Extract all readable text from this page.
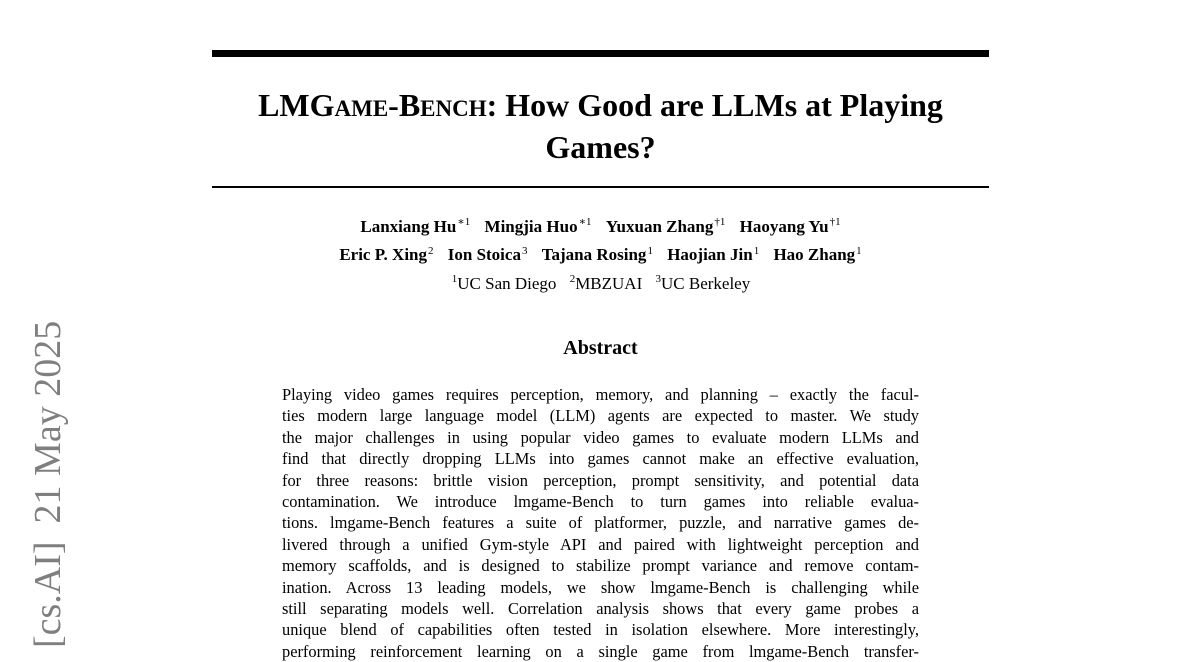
[cs.AI]21 May 2025
LMGAME-BENCH: How Good are LLMs at Playing
Games?
Lanxiang $Hu^{∗1}$ Mingjia Huo$^{∗1}$ Yuxuan Zhang$^{\dagger 1}$ Haoyang Yu$^{\dagger 1}$
Eric P. Xing$^2$ Ion Stoica$^3$ Tajana Rosing$^1$ Haojian Jin$^1$ Hao Zhang$^1$
$^1$UC San Diego $^2$MBZUAI $^3$UC Berkeley
Abstract
Playing video games requires perception, memory, and planning – exactly the facul-
ties modern large language model (LLM) agents are expected to master. We study
the major challenges in using popular video games to evaluate modern LLMs and
find that directly dropping LLMs into games cannot make an effective evaluation,
for three reasons: brittle vision perception, prompt sensitivity, and potential data
contamination. We introduce lmgame-Bench to turn games into reliable evalua-
tions. lmgame-Bench features a suite of platformer, puzzle, and narrative games de-
livered through a unified Gym-style API and paired with lightweight perception and
memory scaffolds, and is designed to stabilize prompt variance and remove contam-
ination. Across 13 leading models, we show lmgame-Bench is challenging while
still separating models well. Correlation analysis shows that every game probes a
unique blend of capabilities often tested in isolation elsewhere. More interestingly,
performing reinforcement learning on a single game from lmgame-Bench transfer-
